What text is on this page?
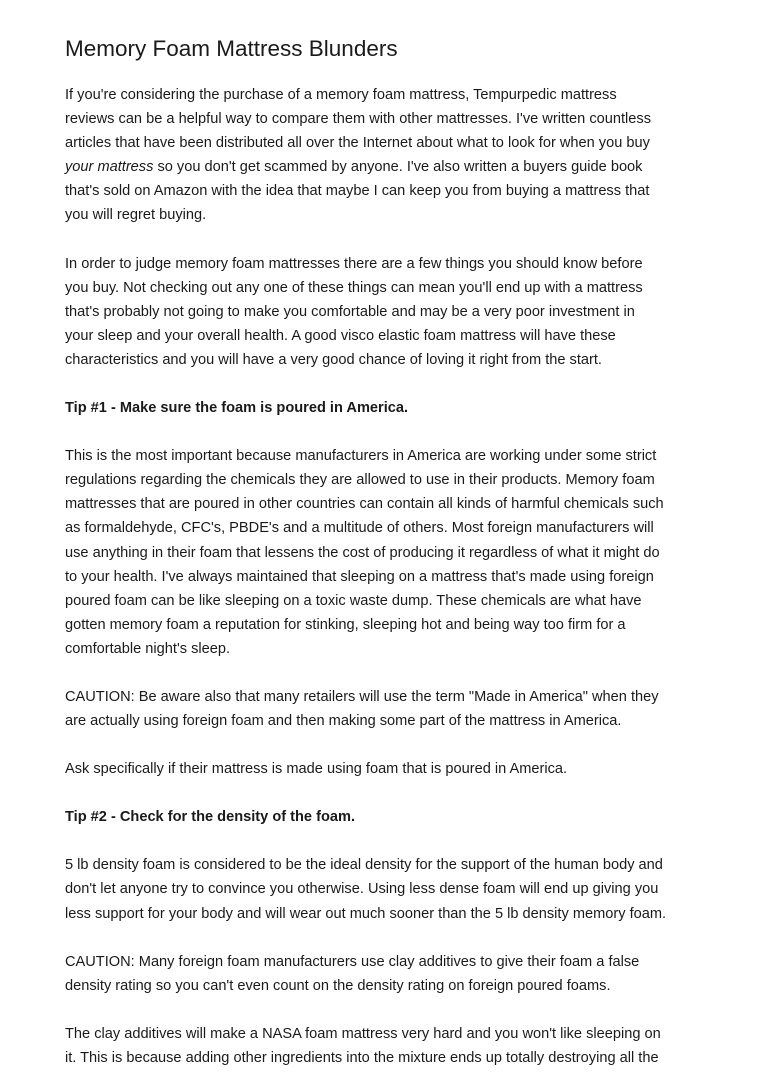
Memory Foam Mattress Blunders

If you're considering the purchase of a memory foam mattress, Tempurpedic mattress
reviews can be a helpful way to compare them with other mattresses. I've written countless
articles that have been distributed all over the Internet about what to look for when you buy
your mattress so you don't get scammed by anyone. I've also written a buyers guide book
that's sold on Amazon with the idea that maybe I can keep you from buying a mattress that
you will regret buying.

In order to judge memory foam mattresses there are a few things you should know before
you buy. Not checking out any one of these things can mean you'll end up with a mattress
that's probably not going to make you comfortable and may be a very poor investment in
your sleep and your overall health. A good visco elastic foam mattress will have these
characteristics and you will have a very good chance of loving it right from the start.

Tip #1 - Make sure the foam is poured in America.

This is the most important because manufacturers in America are working under some strict
regulations regarding the chemicals they are allowed to use in their products. Memory foam
mattresses that are poured in other countries can contain all kinds of harmful chemicals such
as formaldehyde, CFC's, PBDE's and a multitude of others. Most foreign manufacturers will
use anything in their foam that lessens the cost of producing it regardless of what it might do
to your health. I've always maintained that sleeping on a mattress that's made using foreign
poured foam can be like sleeping on a toxic waste dump. These chemicals are what have
gotten memory foam a reputation for stinking, sleeping hot and being way too firm for a
comfortable night's sleep.

CAUTION: Be aware also that many retailers will use the term "Made in America" when they
are actually using foreign foam and then making some part of the mattress in America.

Ask specifically if their mattress is made using foam that is poured in America.

Tip #2 - Check for the density of the foam.

5 lb density foam is considered to be the ideal density for the support of the human body and
don't let anyone try to convince you otherwise. Using less dense foam will end up giving you
less support for your body and will wear out much sooner than the 5 lb density memory foam.

CAUTION: Many foreign foam manufacturers use clay additives to give their foam a false
density rating so you can't even count on the density rating on foreign poured foams.

The clay additives will make a NASA foam mattress very hard and you won't like sleeping on
it. This is because adding other ingredients into the mixture ends up totally destroying all the
